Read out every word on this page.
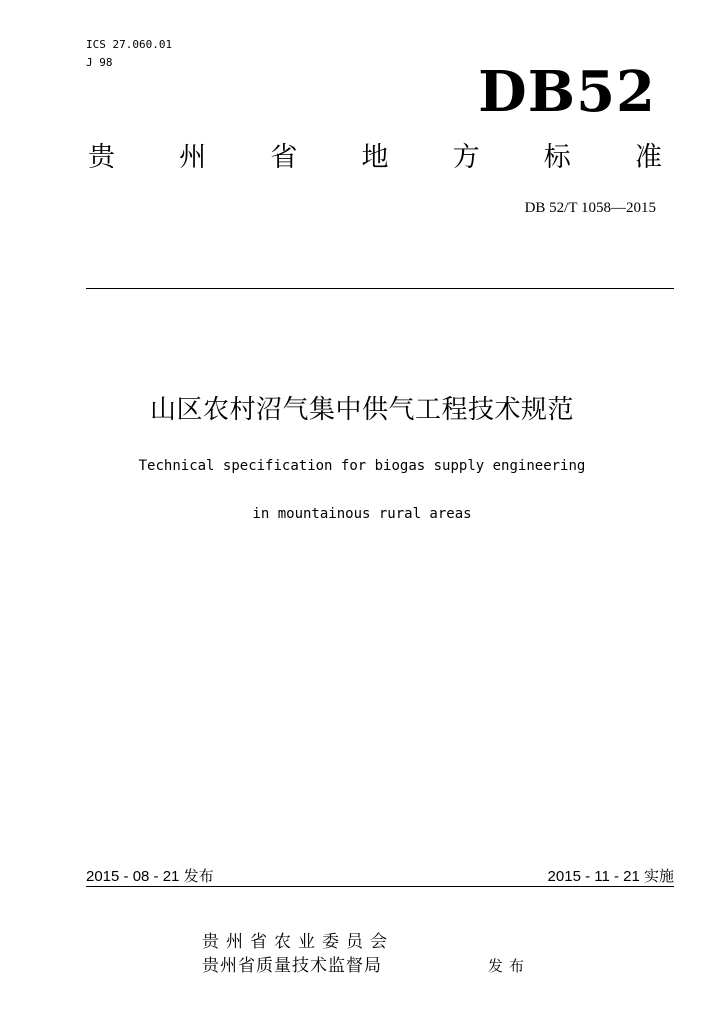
ICS 27.060.01
J 98	DB52
贵 州 省 地 方 标 准
DB 52/T 1058—2015
山区农村沼气集中供气工程技术规范
Technical specification for biogas supply engineering
in mountainous rural areas
2015 - 08 - 21 发布	2015 - 11 - 21 实施
贵州省农业委员会
贵州省质量技术监督局	发布
